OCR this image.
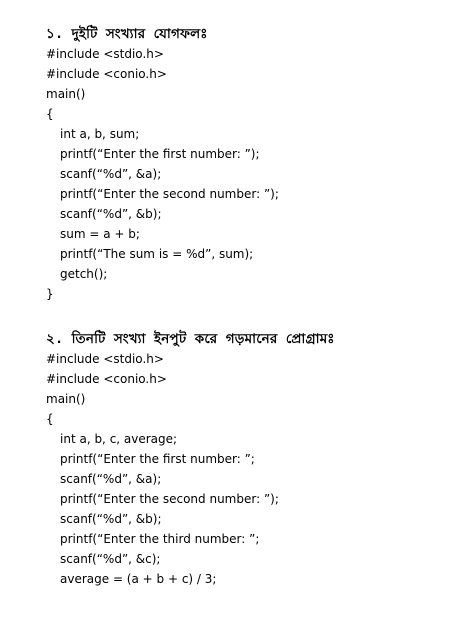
১. দুইটি সংখ্যার যোগফলঃ
#include <stdio.h>
#include <conio.h>
main()
{
int a, b, sum;
printf(“Enter the first number: ”);
scanf(“%d”, &a);
printf(“Enter the second number: ”);
scanf(“%d”, &b);
sum = a + b;
printf(“The sum is = %d”, sum);
getch();
}
২. তিনটি সংখ্যা ইনপুট করে গড়মানের প্রোগ্রামঃ
#include <stdio.h>
#include <conio.h>
main()
{
int a, b, c, average;
printf(“Enter the first number: ”;
scanf(“%d”, &a);
printf(“Enter the second number: ”);
scanf(“%d”, &b);
printf(“Enter the third number: ”;
scanf(“%d”, &c);
average = (a + b + c) / 3;
